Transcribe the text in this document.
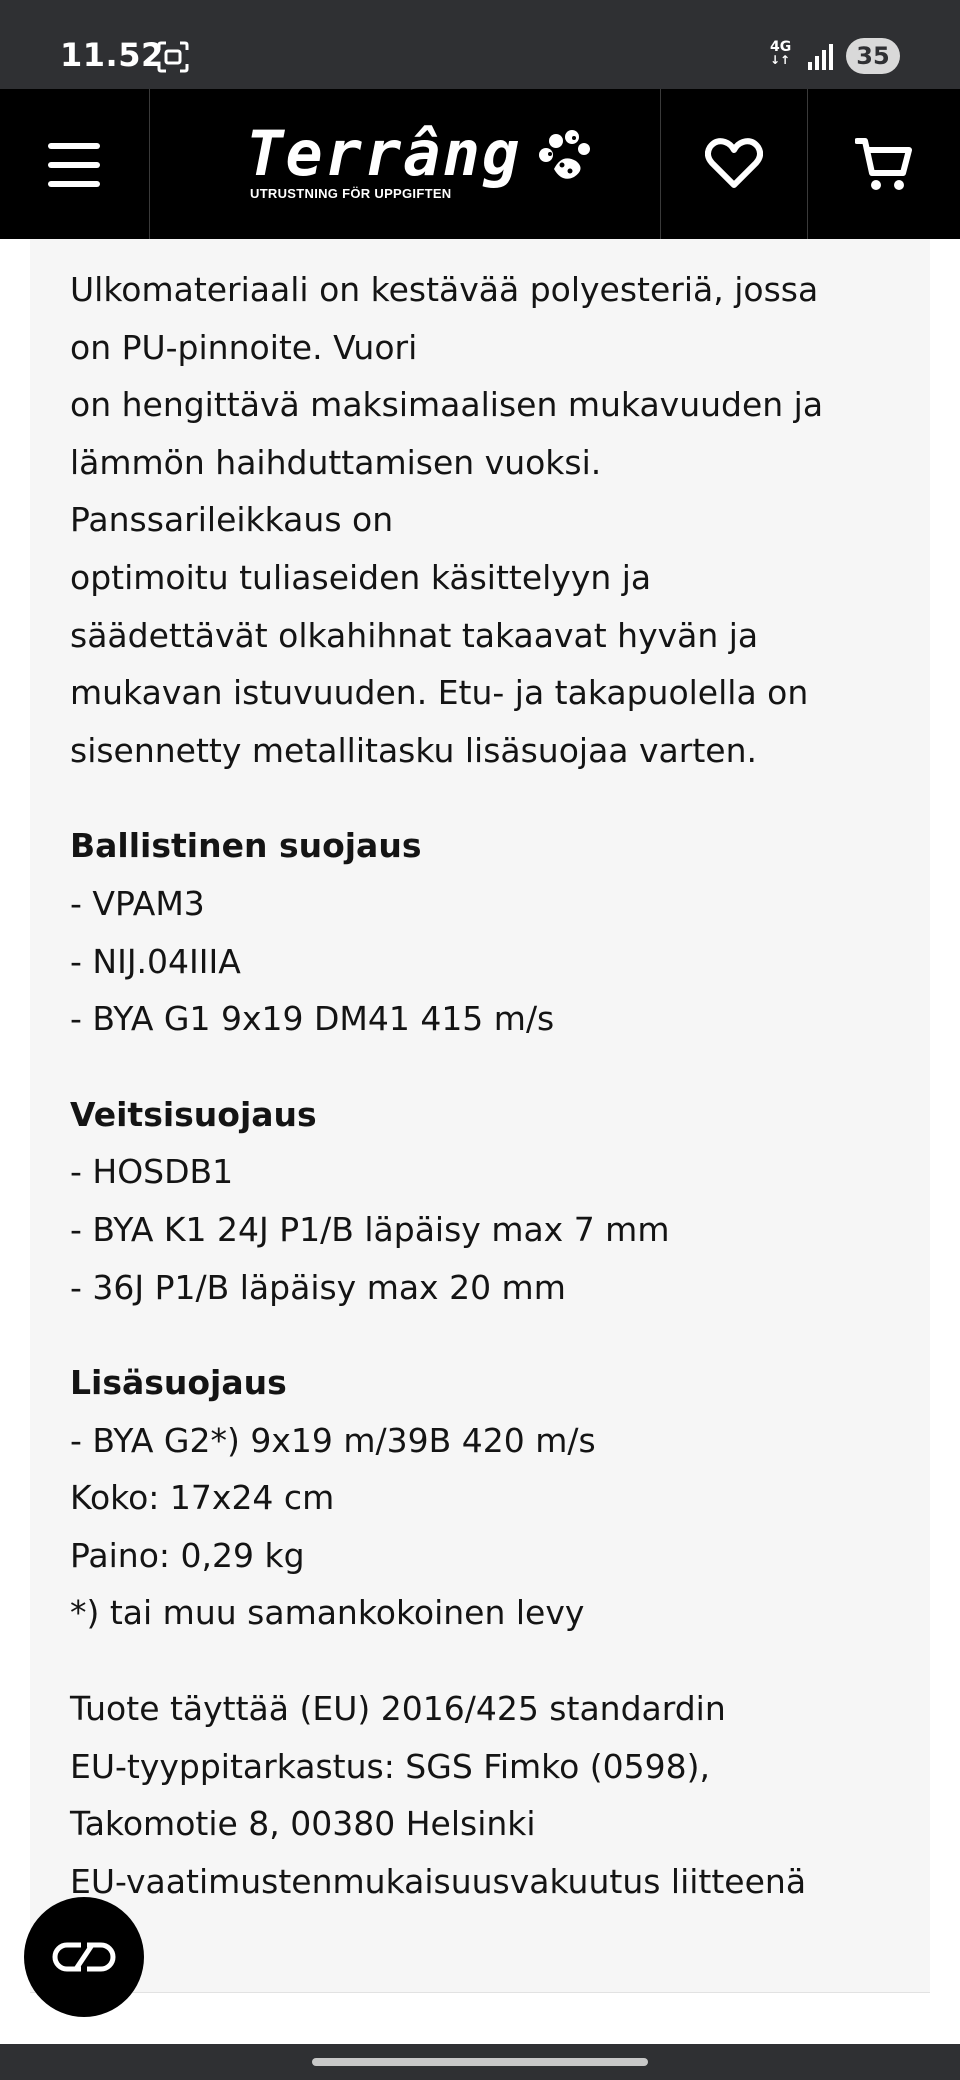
11.52	4G
↓↑	35
Terrâng
UTRUSTNING FÖR UPPGIFTEN
Ulkomateriaali on kestävää polyesteriä, jossa
on PU-pinnoite. Vuori
on hengittävä maksimaalisen mukavuuden ja
lämmön haihduttamisen vuoksi.
Panssarileikkaus on
optimoitu tuliaseiden käsittelyyn ja
säädettävät olkahihnat takaavat hyvän ja
mukavan istuvuuden. Etu- ja takapuolella on
sisennetty metallitasku lisäsuojaa varten.
Ballistinen suojaus
- VPAM3
- NIJ.04IIIA
- BYA G1 9x19 DM41 415 m/s
Veitsisuojaus
- HOSDB1
- BYA K1 24J P1/B läpäisy max 7 mm
- 36J P1/B läpäisy max 20 mm
Lisäsuojaus
- BYA G2*) 9x19 m/39B 420 m/s
Koko: 17x24 cm
Paino: 0,29 kg
*) tai muu samankokoinen levy
Tuote täyttää (EU) 2016/425 standardin
EU-tyyppitarkastus: SGS Fimko (0598),
Takomotie 8, 00380 Helsinki
EU-vaatimustenmukaisuusvakuutus liitteenä
